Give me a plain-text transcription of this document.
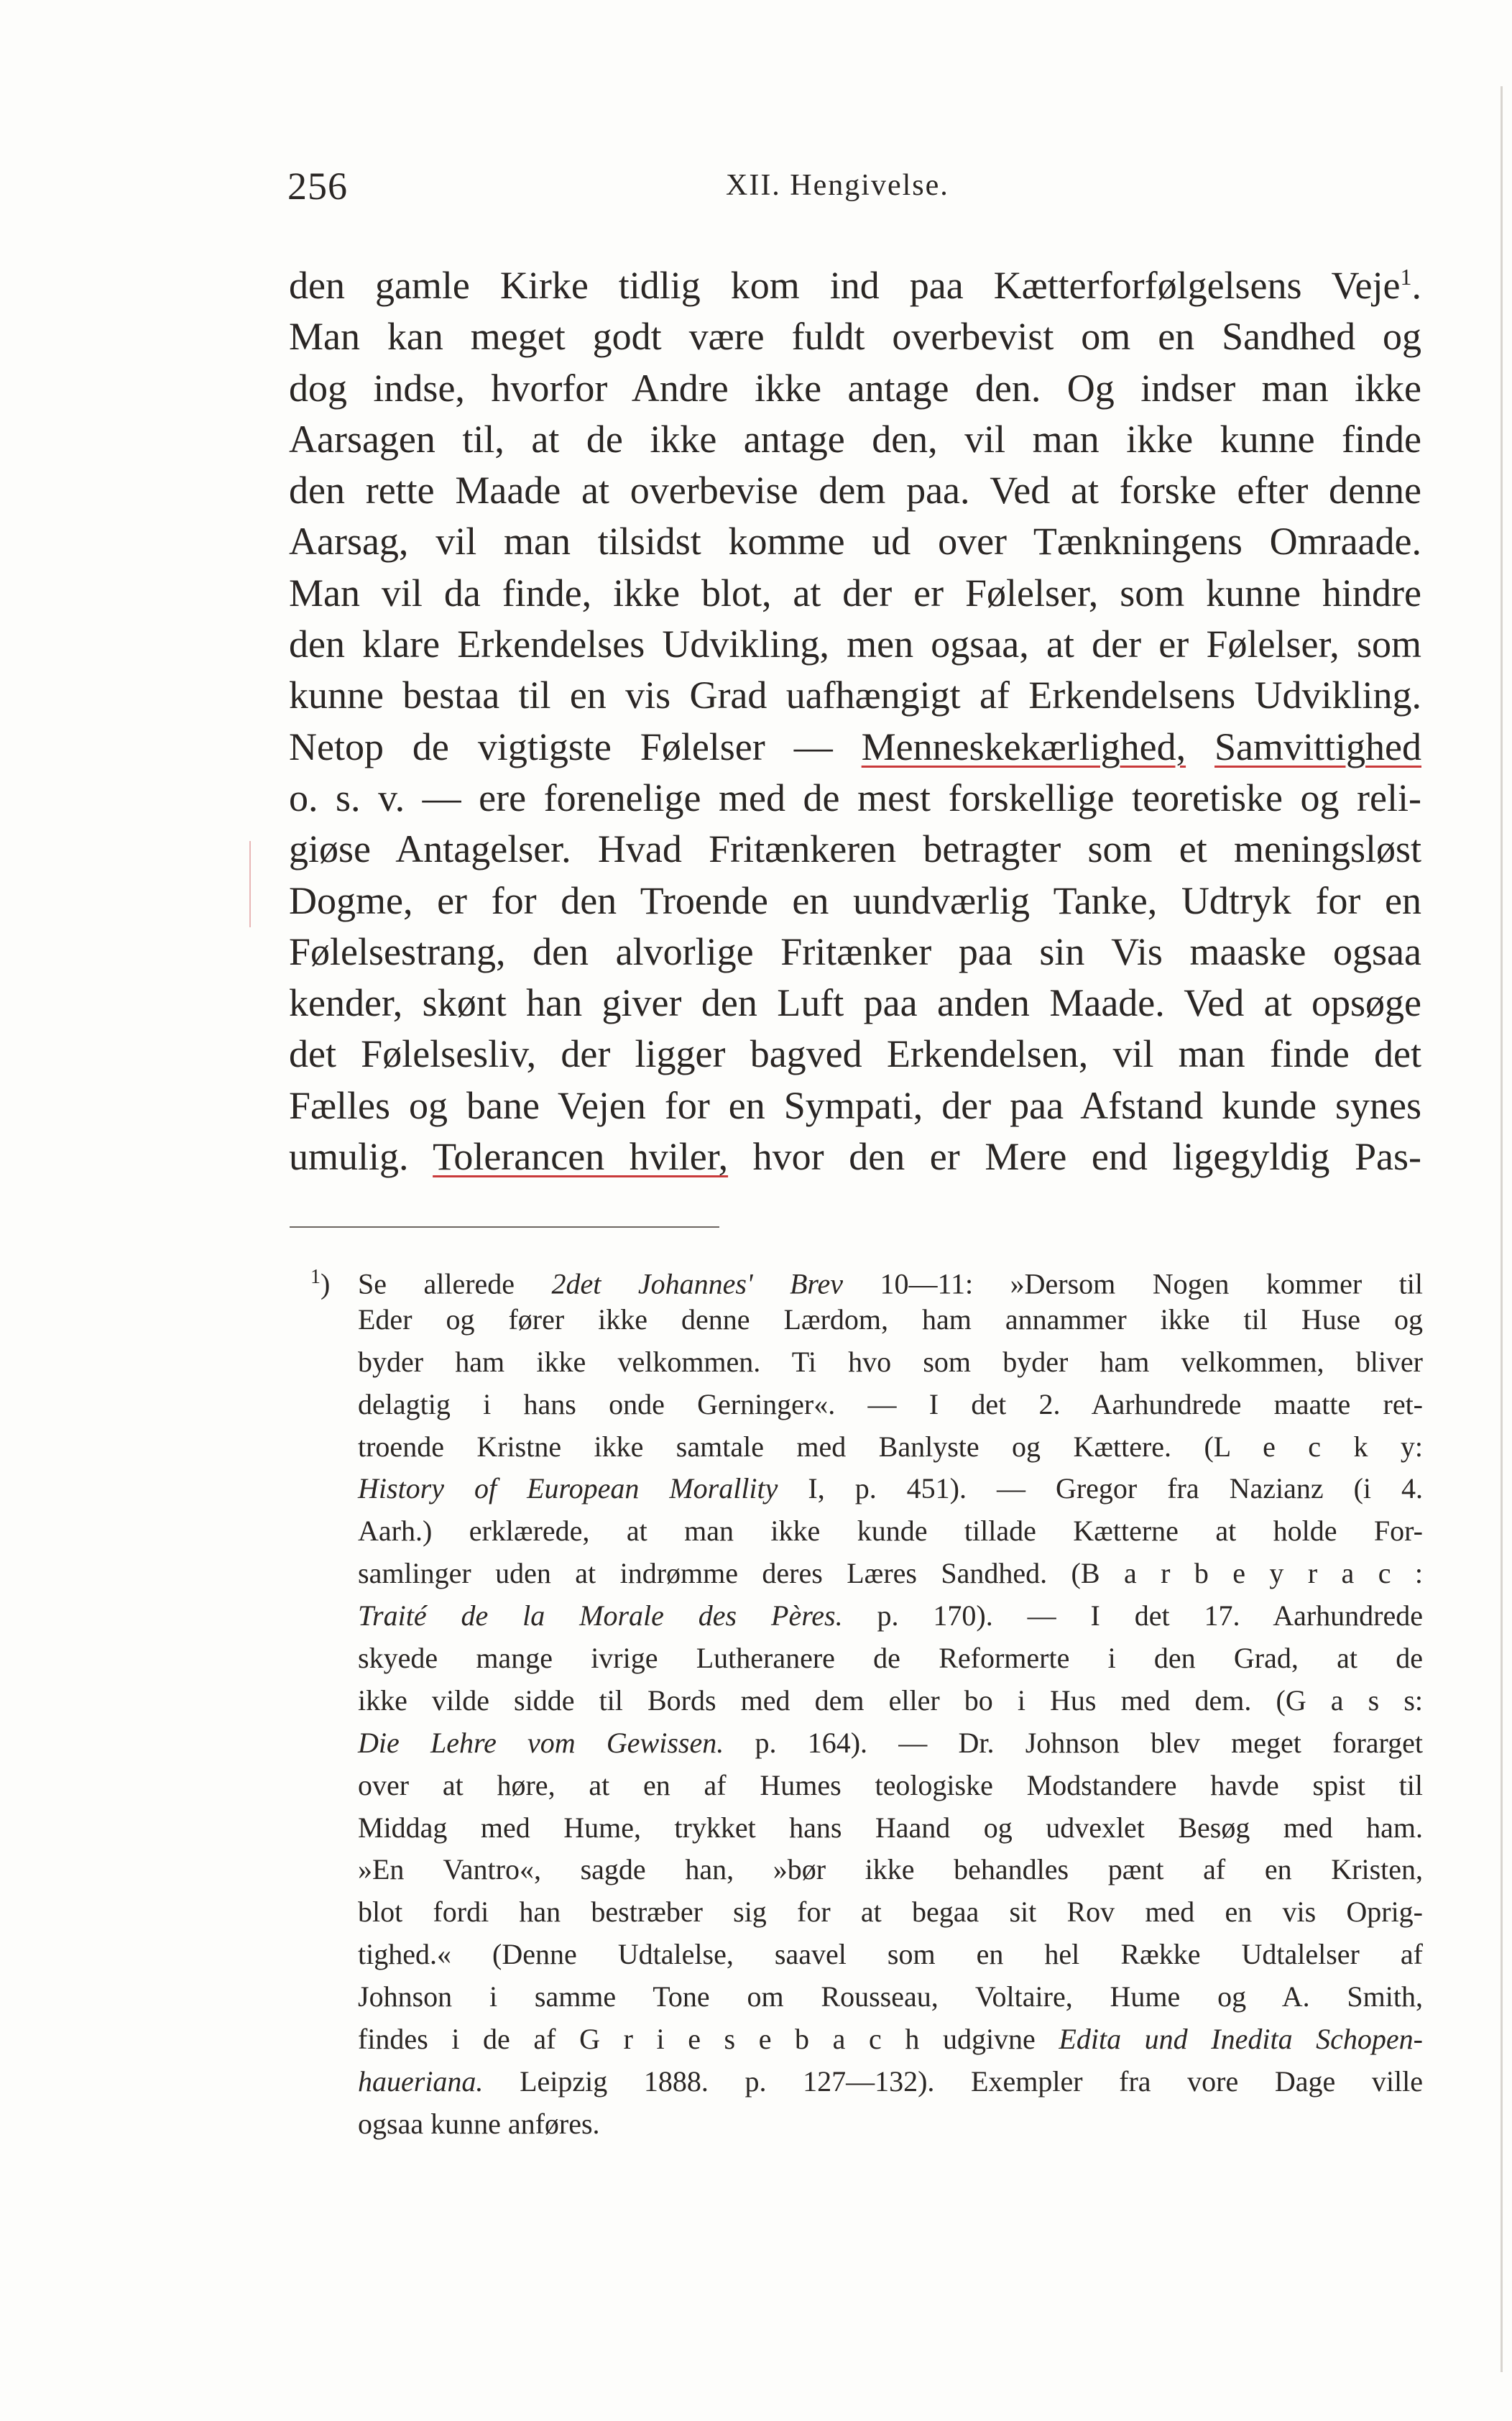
256	XII. Hengivelse.
den gamle Kirke tidlig kom ind paa Kætterforfølgelsens Veje$^1$.
Man kan meget godt være fuldt overbevist om en Sandhed og
dog indse, hvorfor Andre ikke antage den. Og indser man ikke
Aarsagen til, at de ikke antage den, vil man ikke kunne finde
den rette Maade at overbevise dem paa. Ved at forske efter denne
Aarsag, vil man tilsidst komme ud over Tænkningens Omraade.
Man vil da finde, ikke blot, at der er Følelser, som kunne hindre
den klare Erkendelses Udvikling, men ogsaa, at der er Følelser, som
kunne bestaa til en vis Grad uafhængigt af Erkendelsens Udvikling.
Netop de vigtigste Følelser — Menneskekærlighed, Samvittighed
o. s. v. — ere forenelige med de mest forskellige teoretiske og reli-
giøse Antagelser. Hvad Fritænkeren betragter som et meningsløst
Dogme, er for den Troende en uundværlig Tanke, Udtryk for en
Følelsestrang, den alvorlige Fritænker paa sin Vis maaske ogsaa
kender, skønt han giver den Luft paa anden Maade. Ved at opsøge
det Følelsesliv, der ligger bagved Erkendelsen, vil man finde det
Fælles og bane Vejen for en Sympati, der paa Afstand kunde synes
umulig. Tolerancen hviler, hvor den er Mere end ligegyldig Pas-
$^1$) Se allerede 2det Johannes' Brev 10—11: »Dersom Nogen kommer til
Eder og fører ikke denne Lærdom, ham annammer ikke til Huse og
byder ham ikke velkommen. Ti hvo som byder ham velkommen, bliver
delagtig i hans onde Gerninger«. — I det 2. Aarhundrede maatte ret-
troende Kristne ikke samtale med Banlyste og Kættere. (L e c k y:
History of European Morallity I, p. 451). — Gregor fra Nazianz (i 4.
Aarh.) erklærede, at man ikke kunde tillade Kætterne at holde For-
samlinger uden at indrømme deres Læres Sandhed. (B a r b e y r a c :
Traité de la Morale des Pères. p. 170). — I det 17. Aarhundrede
skyede mange ivrige Lutheranere de Reformerte i den Grad, at de
ikke vilde sidde til Bords med dem eller bo i Hus med dem. (G a s s:
Die Lehre vom Gewissen. p. 164). — Dr. Johnson blev meget forarget
over at høre, at en af Humes teologiske Modstandere havde spist til
Middag med Hume, trykket hans Haand og udvexlet Besøg med ham.
»En Vantro«, sagde han, »bør ikke behandles pænt af en Kristen,
blot fordi han bestræber sig for at begaa sit Rov med en vis Oprig-
tighed.« (Denne Udtalelse, saavel som en hel Række Udtalelser af
Johnson i samme Tone om Rousseau, Voltaire, Hume og A. Smith,
findes i de af G r i e s e b a c h udgivne Edita und Inedita Schopen-
haueriana. Leipzig 1888. p. 127—132). Exempler fra vore Dage ville
ogsaa kunne anføres.
